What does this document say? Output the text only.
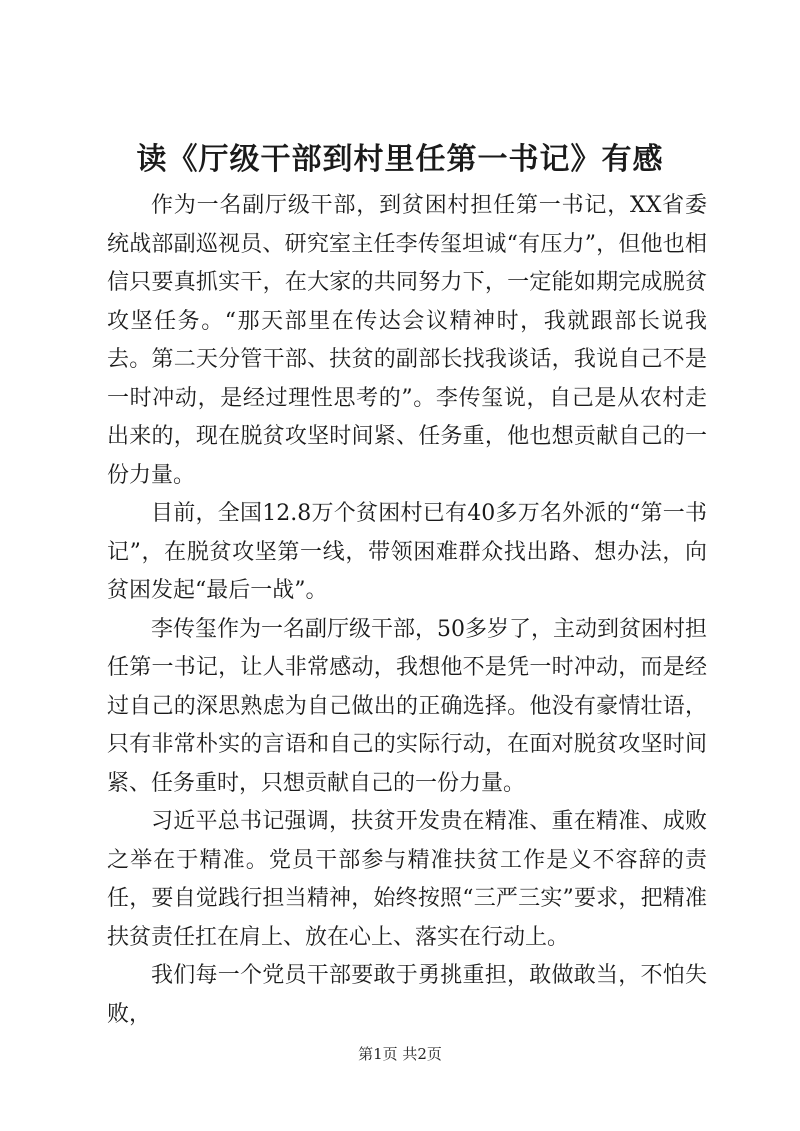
读《厅级干部到村里任第一书记》有感

作为一名副厅级干部，到贫困村担任第一书记，XX省委统战部副巡视员、研究室主任李传玺坦诚“有压力”，但他也相信只要真抓实干，在大家的共同努力下，一定能如期完成脱贫攻坚任务。“那天部里在传达会议精神时，我就跟部长说我去。第二天分管干部、扶贫的副部长找我谈话，我说自己不是一时冲动，是经过理性思考的”。李传玺说，自己是从农村走出来的，现在脱贫攻坚时间紧、任务重，他也想贡献自己的一份力量。

目前，全国12.8万个贫困村已有40多万名外派的“第一书记”，在脱贫攻坚第一线，带领困难群众找出路、想办法，向贫困发起“最后一战”。

李传玺作为一名副厅级干部，50多岁了，主动到贫困村担任第一书记，让人非常感动，我想他不是凭一时冲动，而是经过自己的深思熟虑为自己做出的正确选择。他没有豪情壮语，只有非常朴实的言语和自己的实际行动，在面对脱贫攻坚时间紧、任务重时，只想贡献自己的一份力量。

习近平总书记强调，扶贫开发贵在精准、重在精准、成败之举在于精准。党员干部参与精准扶贫工作是义不容辞的责任，要自觉践行担当精神，始终按照“三严三实”要求，把精准扶贫责任扛在肩上、放在心上、落实在行动上。

我们每一个党员干部要敢于勇挑重担，敢做敢当，不怕失败，

第1页 共2页
